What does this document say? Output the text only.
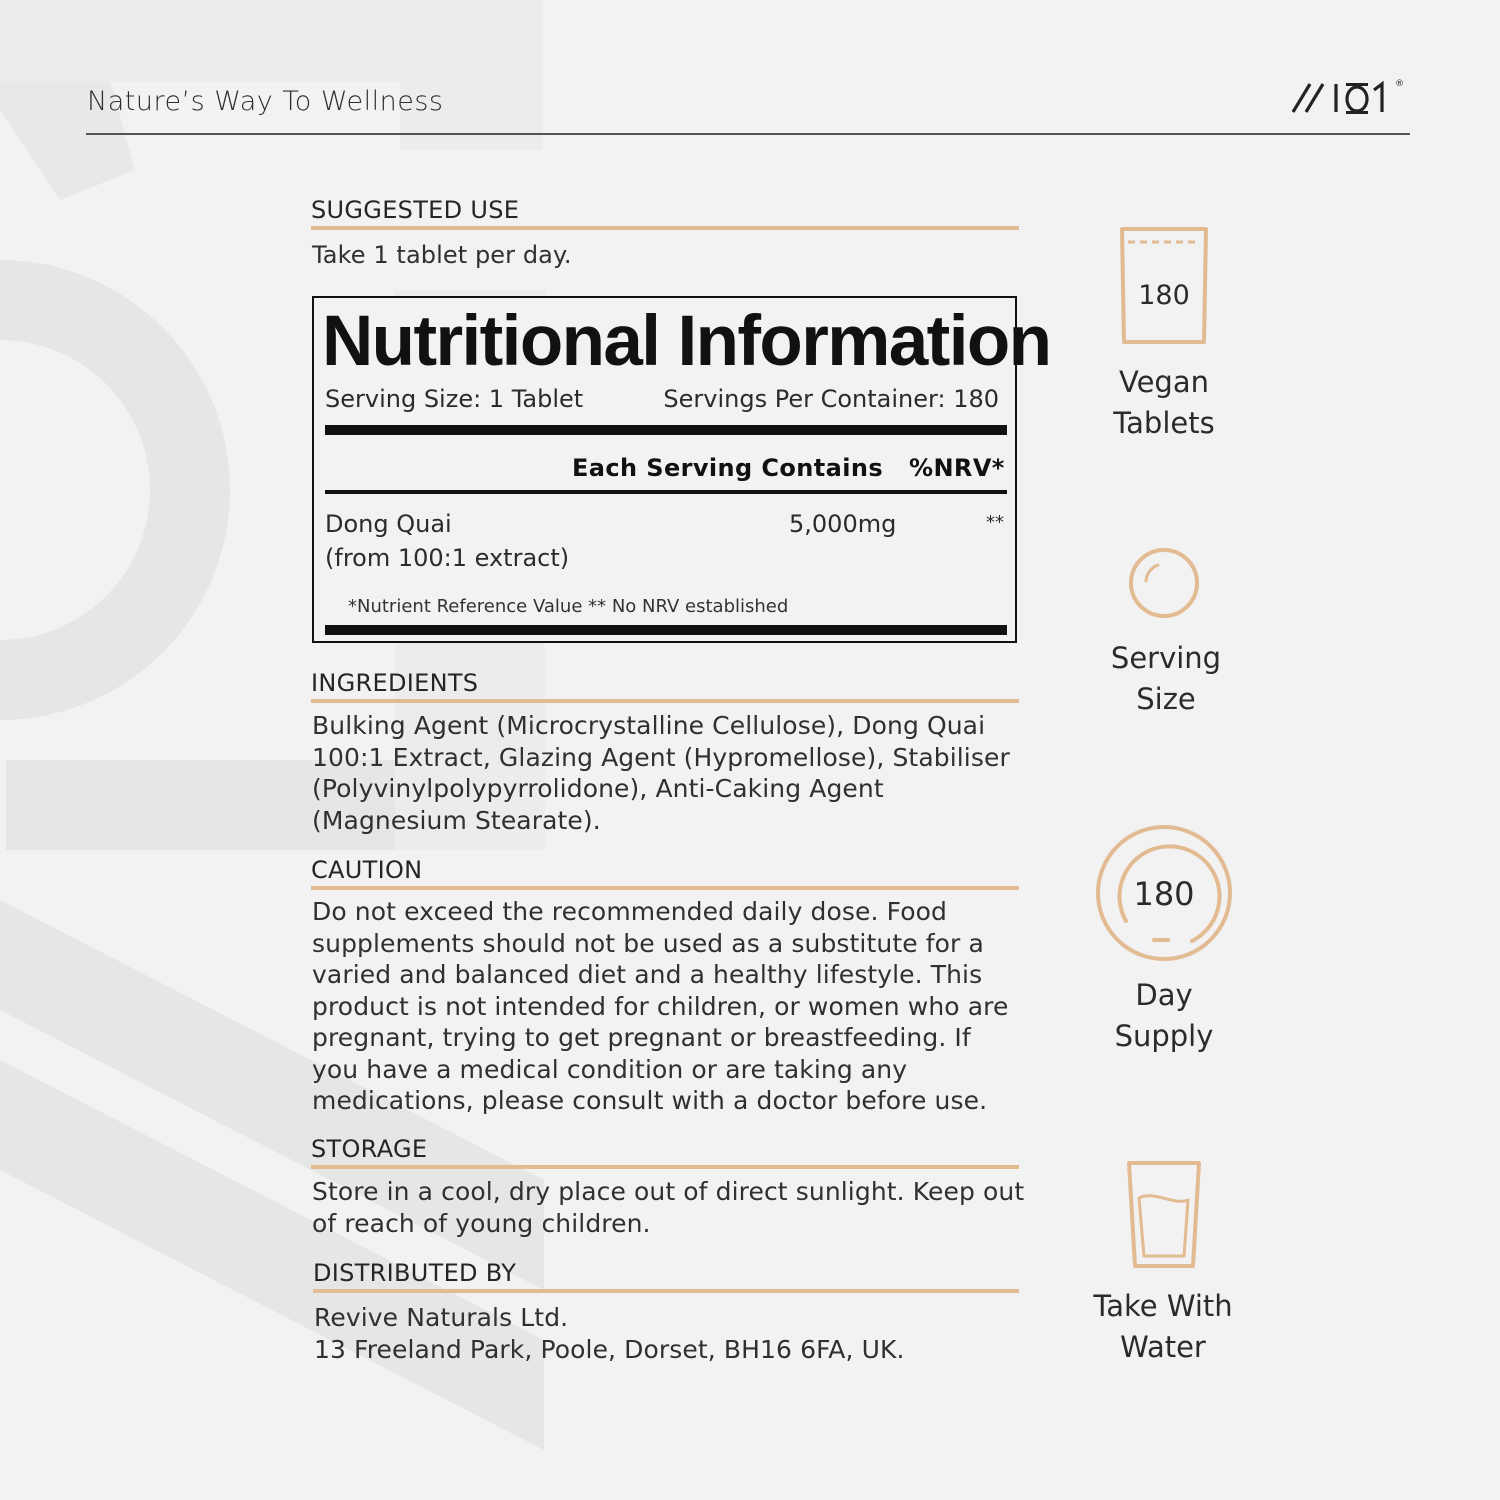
Nature’s Way To Wellness
®
SUGGESTED USE
Take 1 tablet per day.
Nutritional Information
Serving Size: 1 Tablet	Servings Per Container: 180
Each Serving Contains %NRV*
Dong Quai
(from 100:1 extract)
5,000mg	**
*Nutrient Reference Value ** No NRV established
INGREDIENTS
Bulking Agent (Microcrystalline Cellulose), Dong Quai
100:1 Extract, Glazing Agent (Hypromellose), Stabiliser
(Polyvinylpolypyrrolidone), Anti-Caking Agent
(Magnesium Stearate).
CAUTION
Do not exceed the recommended daily dose. Food
supplements should not be used as a substitute for a
varied and balanced diet and a healthy lifestyle. This
product is not intended for children, or women who are
pregnant, trying to get pregnant or breastfeeding. If
you have a medical condition or are taking any
medications, please consult with a doctor before use.
STORAGE
Store in a cool, dry place out of direct sunlight. Keep out
of reach of young children.
DISTRIBUTED BY
Revive Naturals Ltd.
13 Freeland Park, Poole, Dorset, BH16 6FA, UK.
180
Vegan
Tablets
Serving
Size
180
Day
Supply
Take With
Water
